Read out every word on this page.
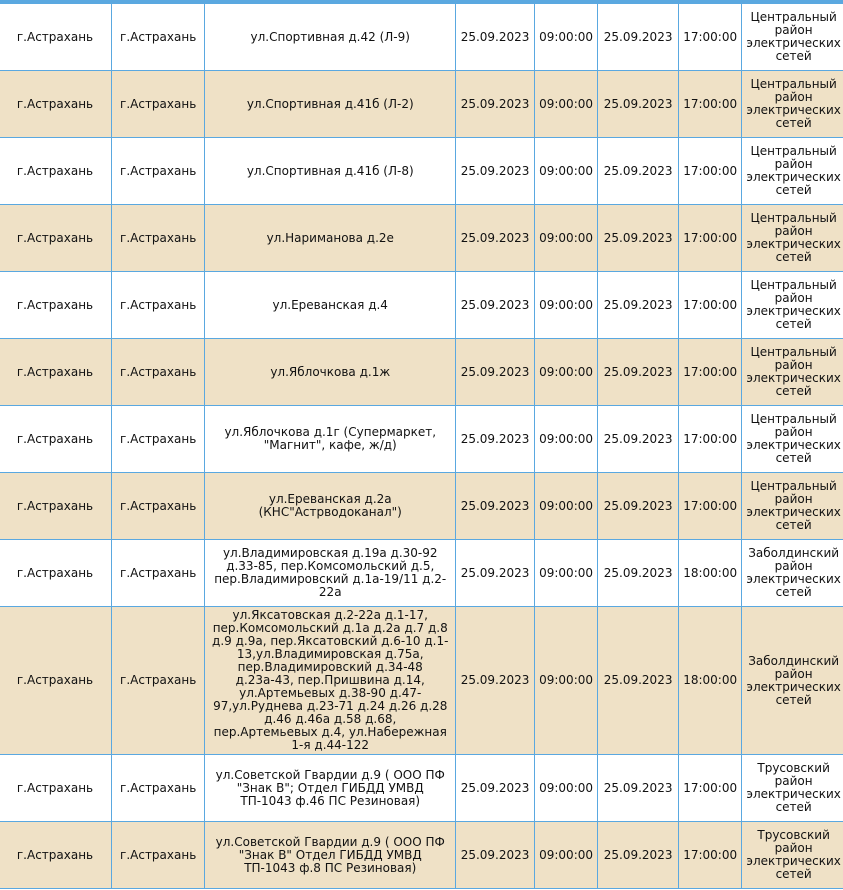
г.Астрахань	г.Астрахань	ул.Спортивная д.42 (Л-9)	25.09.2023	09:00:00	25.09.2023	17:00:00	Центральный район электрических сетей
г.Астрахань	г.Астрахань	ул.Спортивная д.41б (Л-2)	25.09.2023	09:00:00	25.09.2023	17:00:00	Центральный район электрических сетей
г.Астрахань	г.Астрахань	ул.Спортивная д.41б (Л-8)	25.09.2023	09:00:00	25.09.2023	17:00:00	Центральный район электрических сетей
г.Астрахань	г.Астрахань	ул.Нариманова д.2е	25.09.2023	09:00:00	25.09.2023	17:00:00	Центральный район электрических сетей
г.Астрахань	г.Астрахань	ул.Ереванская д.4	25.09.2023	09:00:00	25.09.2023	17:00:00	Центральный район электрических сетей
г.Астрахань	г.Астрахань	ул.Яблочкова д.1ж	25.09.2023	09:00:00	25.09.2023	17:00:00	Центральный район электрических сетей
г.Астрахань	г.Астрахань	ул.Яблочкова д.1г (Супермаркет, "Магнит", кафе, ж/д)	25.09.2023	09:00:00	25.09.2023	17:00:00	Центральный район электрических сетей
г.Астрахань	г.Астрахань	ул.Ереванская д.2а (КНС"Астрводоканал")	25.09.2023	09:00:00	25.09.2023	17:00:00	Центральный район электрических сетей
г.Астрахань	г.Астрахань	ул.Владимировская д.19а д.30-92 д.33-85, пер.Комсомольский д.5, пер.Владимировский д.1а-19/11 д.2-22а	25.09.2023	09:00:00	25.09.2023	18:00:00	Заболдинский район электрических сетей
г.Астрахань	г.Астрахань	ул.Яксатовская д.2-22а д.1-17, пер.Комсомольский д.1а д.2а д.7 д.8 д.9 д.9а, пер.Яксатовский д.6-10 д.1-13,ул.Владимировская д.75а, пер.Владимировский д.34-48 д.23а-43, пер.Пришвина д.14, ул.Артемьевых д.38-90 д.47-97,ул.Руднева д.23-71 д.24 д.26 д.28 д.46 д.46а д.58 д.68, пер.Артемьевых д.4, ул.Набережная 1-я д.44-122	25.09.2023	09:00:00	25.09.2023	18:00:00	Заболдинский район электрических сетей
г.Астрахань	г.Астрахань	ул.Советской Гвардии д.9 ( ООО ПФ "Знак В"; Отдел ГИБДД УМВД ТП-1043 ф.46 ПС Резиновая)	25.09.2023	09:00:00	25.09.2023	17:00:00	Трусовский район электрических сетей
г.Астрахань	г.Астрахань	ул.Советской Гвардии д.9 ( ООО ПФ "Знак В" Отдел ГИБДД УМВД ТП-1043 ф.8 ПС Резиновая)	25.09.2023	09:00:00	25.09.2023	17:00:00	Трусовский район электрических сетей
